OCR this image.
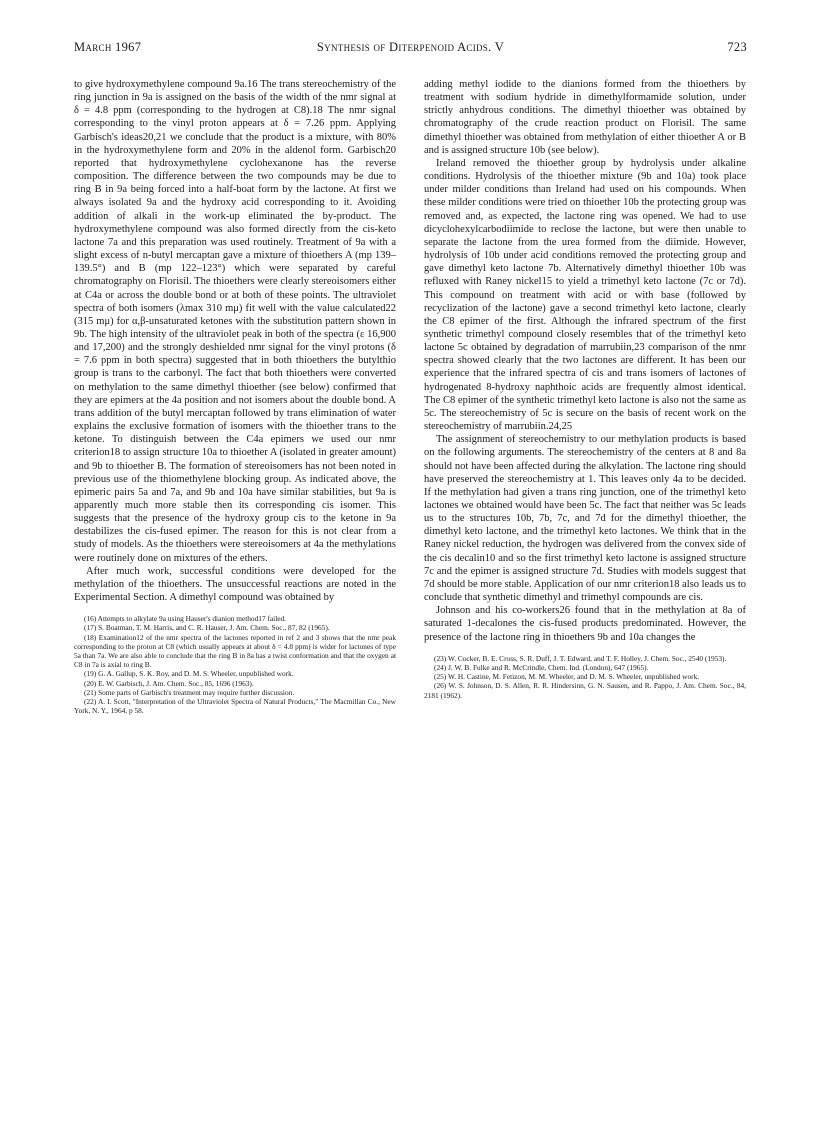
March 1967	Synthesis of Diterpenoid Acids. V	723

to give hydroxymethylene compound 9a.16 The trans stereochemistry of the ring junction in 9a is assigned on the basis of the width of the nmr signal at δ = 4.8 ppm (corresponding to the hydrogen at C8).18 The nmr signal corresponding to the vinyl proton appears at δ = 7.26 ppm. Applying Garbisch's ideas20,21 we conclude that the product is a mixture, with 80% in the hydroxymethylene form and 20% in the aldenol form. Garbisch20 reported that hydroxymethylene cyclohexanone has the reverse composition. The difference between the two compounds may be due to ring B in 9a being forced into a half-boat form by the lactone. At first we always isolated 9a and the hydroxy acid corresponding to it. Avoiding addition of alkali in the work-up eliminated the by-product. The hydroxymethylene compound was also formed directly from the cis-keto lactone 7a and this preparation was used routinely. Treatment of 9a with a slight excess of n-butyl mercaptan gave a mixture of thioethers A (mp 139–139.5°) and B (mp 122–123°) which were separated by careful chromatography on Florisil. The thioethers were clearly stereoisomers either at C4a or across the double bond or at both of these points. The ultraviolet spectra of both isomers (λmax 310 mμ) fit well with the value calculated22 (315 mμ) for α,β-unsaturated ketones with the substitution pattern shown in 9b. The high intensity of the ultraviolet peak in both of the spectra (ε 16,900 and 17,200) and the strongly deshielded nmr signal for the vinyl protons (δ = 7.6 ppm in both spectra) suggested that in both thioethers the butylthio group is trans to the carbonyl. The fact that both thioethers were converted on methylation to the same dimethyl thioether (see below) confirmed that they are epimers at the 4a position and not isomers about the double bond. A trans addition of the butyl mercaptan followed by trans elimination of water explains the exclusive formation of isomers with the thioether trans to the ketone. To distinguish between the C4a epimers we used our nmr criterion18 to assign structure 10a to thioether A (isolated in greater amount) and 9b to thioether B. The formation of stereoisomers has not been noted in previous use of the thiomethylene blocking group. As indicated above, the epimeric pairs 5a and 7a, and 9b and 10a have similar stabilities, but 9a is apparently much more stable then its corresponding cis isomer. This suggests that the presence of the hydroxy group cis to the ketone in 9a destabilizes the cis-fused epimer. The reason for this is not clear from a study of models. As the thioethers were stereoisomers at 4a the methylations were routinely done on mixtures of the ethers.

After much work, successful conditions were developed for the methylation of the thioethers. The unsuccessful reactions are noted in the Experimental Section. A dimethyl compound was obtained by

(16) Attempts to alkylate 9a using Hauser's dianion method17 failed.

(17) S. Boatman, T. M. Harris, and C. R. Hauser, J. Am. Chem. Soc., 87, 82 (1965).

(18) Examination12 of the nmr spectra of the lactones reported in ref 2 and 3 shows that the nmr peak corresponding to the proton at C8 (which usually appears at about δ = 4.8 ppm) is wider for lactones of type 5a than 7a. We are also able to conclude that the ring B in 8a has a twist conformation and that the oxygen at C8 in 7a is axial to ring B.

(19) G. A. Gallup, S. K. Roy, and D. M. S. Wheeler, unpublished work.

(20) E. W. Garbisch, J. Am. Chem. Soc., 85, 1696 (1963).

(21) Some parts of Garbisch's treatment may require further discussion.

(22) A. I. Scott, "Interpretation of the Ultraviolet Spectra of Natural Products," The Macmillan Co., New York, N. Y., 1964, p 58.

adding methyl iodide to the dianions formed from the thioethers by treatment with sodium hydride in dimethylformamide solution, under strictly anhydrous conditions. The dimethyl thioether was obtained by chromatography of the crude reaction product on Florisil. The same dimethyl thioether was obtained from methylation of either thioether A or B and is assigned structure 10b (see below).

Ireland removed the thioether group by hydrolysis under alkaline conditions. Hydrolysis of the thioether mixture (9b and 10a) took place under milder conditions than Ireland had used on his compounds. When these milder conditions were tried on thioether 10b the protecting group was removed and, as expected, the lactone ring was opened. We had to use dicyclohexylcarbodiimide to reclose the lactone, but were then unable to separate the lactone from the urea formed from the diimide. However, hydrolysis of 10b under acid conditions removed the protecting group and gave dimethyl keto lactone 7b. Alternatively dimethyl thioether 10b was refluxed with Raney nickel15 to yield a trimethyl keto lactone (7c or 7d). This compound on treatment with acid or with base (followed by recyclization of the lactone) gave a second trimethyl keto lactone, clearly the C8 epimer of the first. Although the infrared spectrum of the first synthetic trimethyl compound closely resembles that of the trimethyl keto lactone 5c obtained by degradation of marrubiin,23 comparison of the nmr spectra showed clearly that the two lactones are different. It has been our experience that the infrared spectra of cis and trans isomers of lactones of hydrogenated 8-hydroxy naphthoic acids are frequently almost identical. The C8 epimer of the synthetic trimethyl keto lactone is also not the same as 5c. The stereochemistry of 5c is secure on the basis of recent work on the stereochemistry of marrubiin.24,25

The assignment of stereochemistry to our methylation products is based on the following arguments. The stereochemistry of the centers at 8 and 8a should not have been affected during the alkylation. The lactone ring should have preserved the stereochemistry at 1. This leaves only 4a to be decided. If the methylation had given a trans ring junction, one of the trimethyl keto lactones we obtained would have been 5c. The fact that neither was 5c leads us to the structures 10b, 7b, 7c, and 7d for the dimethyl thioether, the dimethyl keto lactone, and the trimethyl keto lactones. We think that in the Raney nickel reduction, the hydrogen was delivered from the convex side of the cis decalin10 and so the first trimethyl keto lactone is assigned structure 7c and the epimer is assigned structure 7d. Studies with models suggest that 7d should be more stable. Application of our nmr criterion18 also leads us to conclude that synthetic dimethyl and trimethyl compounds are cis.

Johnson and his co-workers26 found that in the methylation at 8a of saturated 1-decalones the cis-fused products predominated. However, the presence of the lactone ring in thioethers 9b and 10a changes the

(23) W. Cocker, B. E. Cross, S. R. Duff, J. T. Edward, and T. F. Holley, J. Chem. Soc., 2540 (1953).

(24) J. W. B. Fulke and R. McCrindle, Chem. Ind. (London), 647 (1965).

(25) W. H. Castine, M. Fetizon, M. M. Wheeler, and D. M. S. Wheeler, unpublished work.

(26) W. S. Johnson, D. S. Allen, R. R. Hindersinn, G. N. Sausen, and R. Pappo, J. Am. Chem. Soc., 84, 2181 (1962).
